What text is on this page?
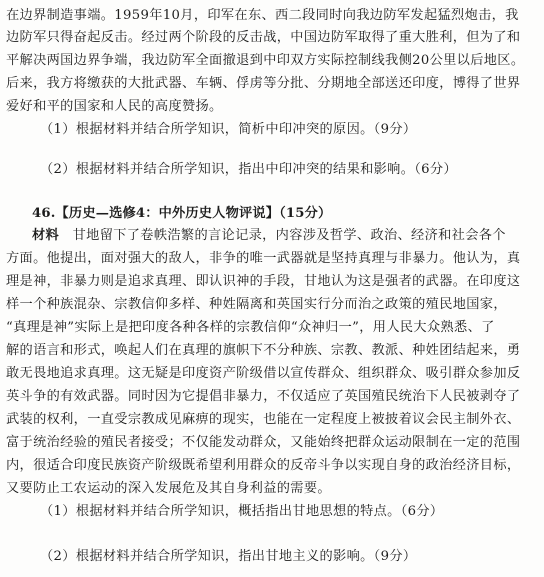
在边界制造事端。1959年10月，印军在东、西二段同时向我边防军发起猛烈炮击，我
边防军只得奋起反击。经过两个阶段的反击战，中国边防军取得了重大胜利，但为了和
平解决两国边界争端，我边防军全面撤退到中印双方实际控制线我侧20公里以后地区。
后来，我方将缴获的大批武器、车辆、俘虏等分批、分期地全部送还印度，博得了世界
爱好和平的国家和人民的高度赞扬。
（1）根据材料并结合所学知识，简析中印冲突的原因。（9分）
（2）根据材料并结合所学知识，指出中印冲突的结果和影响。（6分）
46.【历史—选修4：中外历史人物评说】（15分）
材料　甘地留下了卷帙浩繁的言论记录，内容涉及哲学、政治、经济和社会各个
方面。他提出，面对强大的敌人，非争的唯一武器就是坚持真理与非暴力。他认为，真
理是神，非暴力则是追求真理、即认识神的手段，甘地认为这是强者的武器。在印度这
样一个种族混杂、宗教信仰多样、种姓隔离和英国实行分而治之政策的殖民地国家，
“真理是神”实际上是把印度各种各样的宗教信仰“众神归一”，用人民大众熟悉、了
解的语言和形式，唤起人们在真理的旗帜下不分种族、宗教、教派、种姓团结起来，勇
敢无畏地追求真理。这无疑是印度资产阶级借以宣传群众、组织群众、吸引群众参加反
英斗争的有效武器。同时因为它提倡非暴力，不仅适应了英国殖民统治下人民被剥夺了
武装的权利，一直受宗教成见麻痹的现实，也能在一定程度上被披着议会民主制外衣、
富于统治经验的殖民者接受；不仅能发动群众，又能始终把群众运动限制在一定的范围
内，很适合印度民族资产阶级既希望利用群众的反帝斗争以实现自身的政治经济目标，
又要防止工农运动的深入发展危及其自身利益的需要。
（1）根据材料并结合所学知识，概括指出甘地思想的特点。（6分）
（2）根据材料并结合所学知识，指出甘地主义的影响。（9分）
